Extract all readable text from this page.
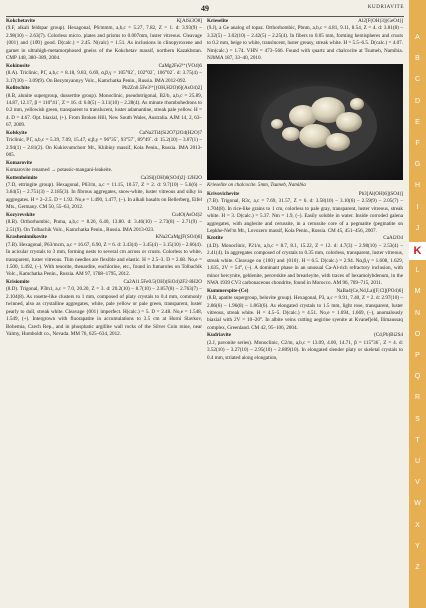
49	KUDRIAVITE
Kokchetavite	K[AlSi3O8]

(9.F, alkali feldspar group). Hexagonal, P6/mmm, a,b,c = 5.27, 7.82, Z = 1. d: 3.93(9) – 2.98(10) – 2.63(7). Colorless micro. plates and prisms to 0.007mm, luster vitreous. Cleavage {001} and {10̄0} good. D(calc.) = 2.45. N(calc) = 1.51. As inclusions in clinopyroxene and garnet in ultrahigh-metamorphosed gneiss of the Kokchetav massif, northern Kazakhstan. CMP 148, 380–389, 2004.

Kokinosite	CaMg2Fe2³⁺(VO4)6

(8.A). Triclinic, P1̄, a,b,c = 8.18, 9.83, 6.69, α,β,γ = 105°02´, 102°02´, 106°02´. d: 3.75(4) – 3.17(10) – 3.09(9). On Bezymyannyy Volc., Kamchatka Penin., Russia. IMA 2012-092.

Kolitschite	Pb2Zn0.5Fe3³⁺[(OH,H2O)6](AsO4)2]

(8.B, alunite supergroup, dussertite group). Monoclinic, pseudotrigonal, B2/b, a,b,c = 25.89, 14.87, 12.17, β = 110°41´, Z = 16. d: 6.0(5) – 3.11(10) – 2.28(4). As minute rhombohedrons to 0.2 mm, yellowish green, transparent to translucent, luster adamantine, streak pale yellow. H = 4. D = 4.67. Opt. biaxial, (+). From Broken Hill, New South Wales, Australia. AJM 14, 2, 63–67, 2009.

Kolskyite	CaNa2Ti4(Si2O7)2O4(H2O)7

Triclinic, P1̄, a,b,c = 5.39, 7.09, 15.47, α,β,γ = 96°35´, 93°57´, 89°49´. d: 15.2(10) – 3.07(1) – 2.94(1) – 2.81(2). On Kukisvumchorr Mt., Khibiny massif, Kola Penin., Russia. IMA 2013-005.

Komarovite

Komarovite renamed → potassic-mangani-leakeite.

Kottenheimite	Ca3Si[(OH)6(SO4)2]·12H2O

(7.D, ettringite group). Hexagonal, P63/m, a,c = 11.15, 10.57, Z = 2. d: 9.7(10) – 5.6(6) – 3.84(5) – 2.751(3) – 2.185(3). In fibrous aggregates, snow-white, luster vitreous and silky in aggregates. H = 2–2.5. D = 1.92. No,e = 1.490, 1.477, (–). In alkali basalts on Bellerberg, Eifel Mts., Germany. CM 50, 55–63, 2012.

Kozyrevskite	Cu4O(AsO4)2

(8.B). Orthorhombic, Pnma, a,b,c = 8.26, 6.40, 13.80. d: 3.46(10) – 2.73(8) – 2.71(9) – 2.51(9). On Tolbachik Volc., Kamchatka Penin., Russia. IMA 2013-023.

Krasheninnikovite	KNa2CaMg[F(SO4)6]

(7.B). Hexagonal, P63/mcm, a,c = 16.67, 6.90, Z = 6. d: 3.43(4) – 3.45(4) – 3.15(10) – 2.66(4). In acicular crystals to 3 mm, forming nests to several cm across or crusts. Colorless to white, transparent, luster vitreous. Thin needles are flexible and elastic. H = 2.5–3. D = 2.68. No,e = 1.500, 1.492, (–). With tenorite, thenardite, euchlorine, etc., found in fumaroles on Tolbachik Volc., Kamchatka Penin., Russia. AM 97, 1788–1795, 2012.

Krisiomite	Ca2Al1.5Fe0.5(OH)(SiO4)2F2·8H2O

(8.D). Trigonal, P3̄m1, a,c = 7.0, 20.20, Z = 3. d: 20.2(10) – 8.7(10) – 2.857(8) – 2.763(7) – 2.104(8). As rosette-like clusters to 1 mm, composed of platy crystals to 0.4 mm, commonly twinned, also as crystalline aggregates, white, pale yellow or pale green, transparent, luster pearly to dull, streak white. Cleavage {001} imperfect. H(calc.) = 5. D = 2.48. No,e = 1.548, 1.549, (+). Intergrown with fluorapatite in accumulations to 3.5 cm at Horní Slavkov, Bohemia, Czech Rep., and in phosphatic argillite wall rocks of the Silver Coin mine, near Valmy, Humboldt co., Nevada. MM 76, 625–634, 2012.

Krieselite	Al2[F(OH)3](GeO4)]

(9.J), a Ge analog of topaz. Orthorhombic, Pbnm, a,b,c = 4.81, 9.11, 8.54, Z = 4. d: 3.81(8) – 3.32(5) – 3.02(10) – 2.42(5) – 2.25(4). In fibers to 0.05 mm, forming hemispheres and crusts to 0.2 mm, beige to white, translucent, luster greasy, streak white. H = 5.5–6.5. D(calc.) = 4.07. Nm(calc.) = 1.74. VHN = 473–566. Found with quartz and chalcocite at Tsumeb, Namibia. NJbMA 187, 33–40, 2010.

Krieselite on chalcocite. 5mm, Tsumeb, Namibia
Krivovichevite	Pb3[Al(OH)6](SO4)]

(7.B). Trigonal, R3c, a,c = 7.69, 31.57, Z = 6. d: 3.58(10) – 3.10(6) – 2.59(9) – 2.05(7) – 1.704(8). In rice-like grains to 1 cm, colorless to pale gray, transparent, luster vitreous, streak white. H = 3. D(calc.) = 5.37. Nm = 1.9, (–). Easily soluble in water. Inside corroded galena aggregates, with anglesite and cerussite, in a cerussite core of a pegmatite (pegmatite on Lepkhe-Nel'm Mt., Lovozero massif, Kola Penin., Russia. CM 45, 451–456, 2007.

Krotite	CaAl2O4

(4.D). Monoclinic, P21/n, a,b,c = 8.7, 8.1, 15.22, Z = 12. d: 4.7(3) – 2.98(10) – 2.53(4) – 2.41(4). In aggregates composed of crystals to 0.35 mm, colorless, transparent, luster vitreous, streak white. Cleavage on {100} and {010}. H = 6.5. D(calc.) = 2.94. Nα,β,γ = 1.608, 1.629, 1.635, 2V = 54°, (–). A dominant phase in an unusual Ca-Al-rich refractory inclusion, with minor hercynite, gehlenite, perovskite and brearleyite, with traces of hexamolybdenum, in the NWA 1939 CV3 carbonaceous chondrite, found in Morocco. AM 96, 709–715, 2011.

Kummerspite-(Ce)	NaBa4(Ce,Nd,La)[F,Cl](PO4)6]

(8.B, apatite supergroup, belovite group). Hexagonal, P3, a,c = 9.91, 7.40, Z = 2. d: 2.97(10) – 2.86(6) – 1.96(8) – 1.863(6). As elongated crystals to 1.5 mm, light rose, transparent, luster vitreous, streak white. H = 4.5–5. D(calc.) = 4.51. No,e = 1.694, 1.669, (–), anomalously biaxial with 2V = 10–20°. In albite veins cutting aegirine syenite at Kvanefjeld, Ilimaussaq complex, Greenland. CM 42, 95–106, 2004.

Kudriavite	(Cd,Pb)Bi2S4

(2.J, pavonite series). Monoclinic, C2/m, a,b,c = 13.09, 4.00, 14.71, β = 115°36´, Z = 4. d: 3.52(10) – 3.27(10) – 2.95(10) – 2.809(10). In elongated slender platy or skeletal crystals to 0.4 mm, striated along elongation,

A
B
C
D
E
F
G
H
I
J
K
L
M
N
O
P
Q
R
S
T
U
V
W
X
Y
Z
